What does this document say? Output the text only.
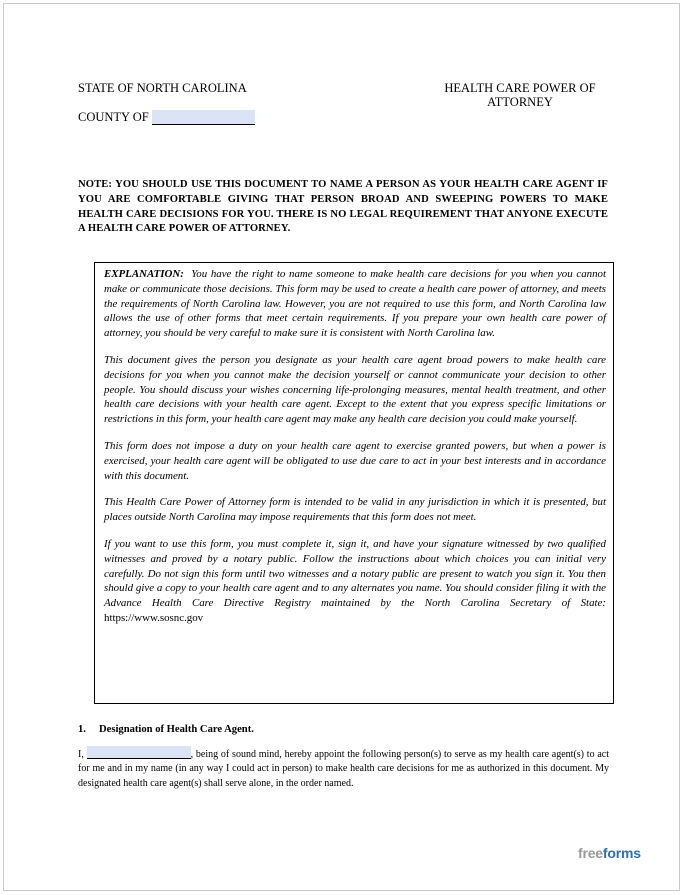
STATE OF NORTH CAROLINA
COUNTY OF
HEALTH CARE POWER OF
ATTORNEY
NOTE: YOU SHOULD USE THIS DOCUMENT TO NAME A PERSON AS YOUR HEALTH CARE AGENT IF YOU ARE COMFORTABLE GIVING THAT PERSON BROAD AND SWEEPING POWERS TO MAKE HEALTH CARE DECISIONS FOR YOU. THERE IS NO LEGAL REQUIREMENT THAT ANYONE EXECUTE A HEALTH CARE POWER OF ATTORNEY.

EXPLANATION: You have the right to name someone to make health care decisions for you when you cannot make or communicate those decisions. This form may be used to create a health care power of attorney, and meets the requirements of North Carolina law. However, you are not required to use this form, and North Carolina law allows the use of other forms that meet certain requirements. If you prepare your own health care power of attorney, you should be very careful to make sure it is consistent with North Carolina law.

This document gives the person you designate as your health care agent broad powers to make health care decisions for you when you cannot make the decision yourself or cannot communicate your decision to other people. You should discuss your wishes concerning life-prolonging measures, mental health treatment, and other health care decisions with your health care agent. Except to the extent that you express specific limitations or restrictions in this form, your health care agent may make any health care decision you could make yourself.

This form does not impose a duty on your health care agent to exercise granted powers, but when a power is exercised, your health care agent will be obligated to use due care to act in your best interests and in accordance with this document.

This Health Care Power of Attorney form is intended to be valid in any jurisdiction in which it is presented, but places outside North Carolina may impose requirements that this form does not meet.

If you want to use this form, you must complete it, sign it, and have your signature witnessed by two qualified witnesses and proved by a notary public. Follow the instructions about which choices you can initial very carefully. Do not sign this form until two witnesses and a notary public are present to watch you sign it. You then should give a copy to your health care agent and to any alternates you name. You should consider filing it with the Advance Health Care Directive Registry maintained by the North Carolina Secretary of State: https://www.sosnc.gov

1. Designation of Health Care Agent.
I,	, being of sound mind, hereby appoint the following person(s) to serve as my health care agent(s) to act for me and in my name (in any way I could act in person) to make health care decisions for me as authorized in this document. My designated health care agent(s) shall serve alone, in the order named.
freeforms
